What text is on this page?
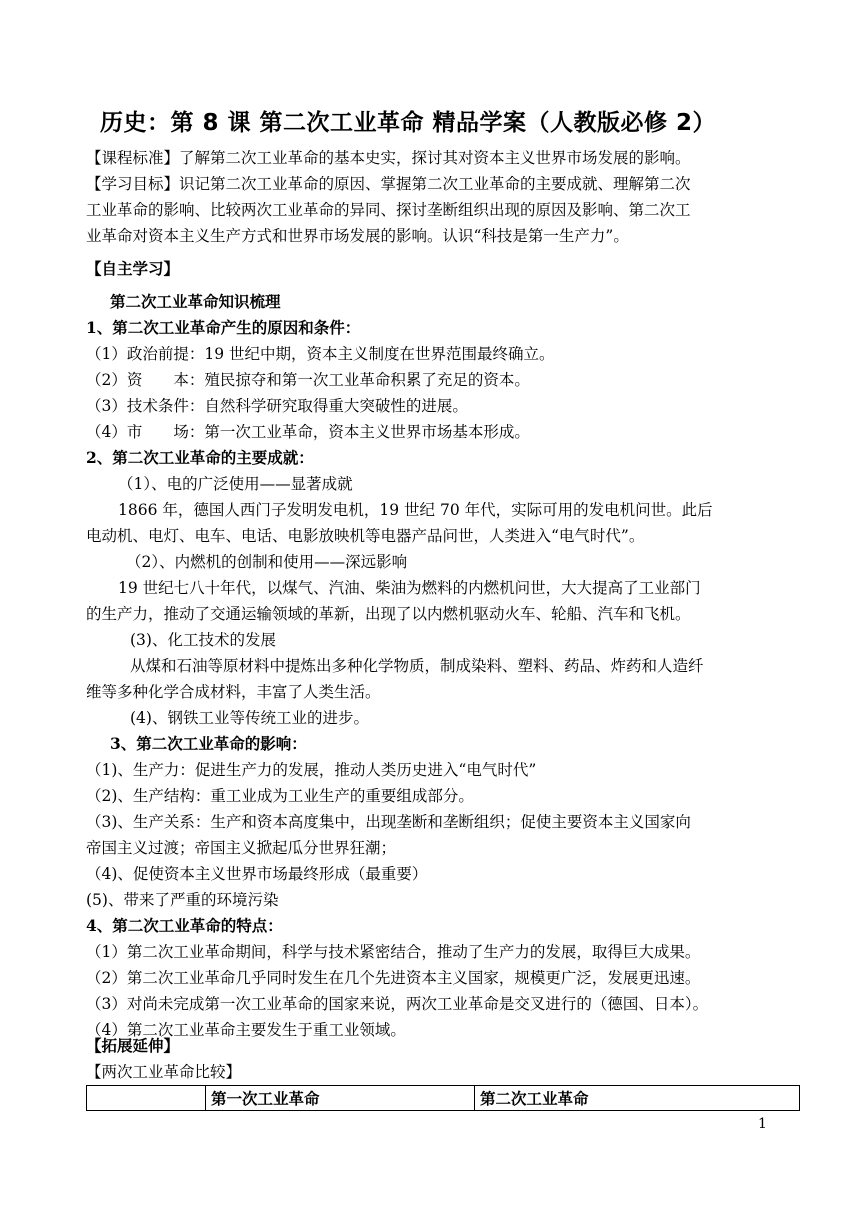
历史：第 8 课 第二次工业革命 精品学案（人教版必修 2）
【课程标准】了解第二次工业革命的基本史实，探讨其对资本主义世界市场发展的影响。
【学习目标】识记第二次工业革命的原因、掌握第二次工业革命的主要成就、理解第二次
工业革命的影响、比较两次工业革命的异同、探讨垄断组织出现的原因及影响、第二次工
业革命对资本主义生产方式和世界市场发展的影响。认识“科技是第一生产力”。
【自主学习】
第二次工业革命知识梳理
1、第二次工业革命产生的原因和条件：
（1）政治前提：19 世纪中期，资本主义制度在世界范围最终确立。
（2）资　　本：殖民掠夺和第一次工业革命积累了充足的资本。
（3）技术条件：自然科学研究取得重大突破性的进展。
（4）市　　场：第一次工业革命，资本主义世界市场基本形成。
2、第二次工业革命的主要成就：
（1）、电的广泛使用——显著成就
1866 年，德国人西门子发明发电机，19 世纪 70 年代，实际可用的发电机问世。此后
电动机、电灯、电车、电话、电影放映机等电器产品问世，人类进入“电气时代”。
（2）、内燃机的创制和使用——深远影响
19 世纪七八十年代，以煤气、汽油、柴油为燃料的内燃机问世，大大提高了工业部门
的生产力，推动了交通运输领域的革新，出现了以内燃机驱动火车、轮船、汽车和飞机。
(3)、化工技术的发展
从煤和石油等原材料中提炼出多种化学物质，制成染料、塑料、药品、炸药和人造纤
维等多种化学合成材料，丰富了人类生活。
(4)、钢铁工业等传统工业的进步。
3、第二次工业革命的影响：
（1)、生产力：促进生产力的发展，推动人类历史进入“电气时代”
（2)、生产结构：重工业成为工业生产的重要组成部分。
（3)、生产关系：生产和资本高度集中，出现垄断和垄断组织；促使主要资本主义国家向
帝国主义过渡；帝国主义掀起瓜分世界狂潮；
（4)、促使资本主义世界市场最终形成（最重要）
(5)、带来了严重的环境污染
4、第二次工业革命的特点：
（1）第二次工业革命期间，科学与技术紧密结合，推动了生产力的发展，取得巨大成果。
（2）第二次工业革命几乎同时发生在几个先进资本主义国家，规模更广泛，发展更迅速。
（3）对尚未完成第一次工业革命的国家来说，两次工业革命是交叉进行的（德国、日本）。
（4）第二次工业革命主要发生于重工业领域。
【拓展延伸】
【两次工业革命比较】
	第一次工业革命	第二次工业革命
1
